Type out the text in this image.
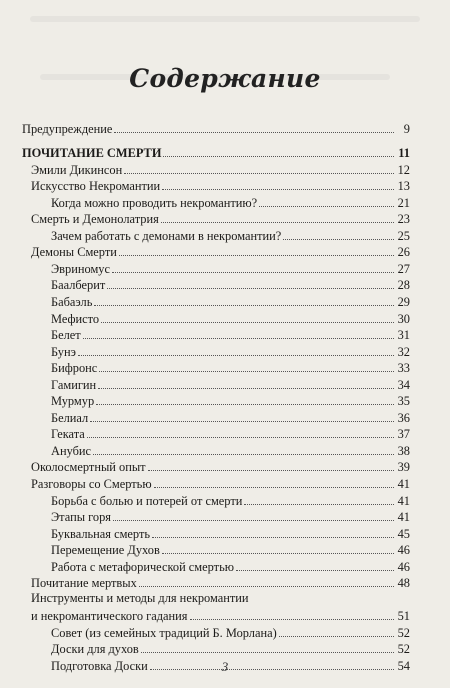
Содержание
Предупреждение	9
ПОЧИТАНИЕ СМЕРТИ	11
Эмили Дикинсон	12
Искусство Некромантии	13
Когда можно проводить некромантию?	21
Смерть и Демонолатрия	23
Зачем работать с демонами в некромантии?	25
Демоны Смерти	26
Эвриномус	27
Баалберит	28
Бабаэль	29
Мефисто	30
Белет	31
Бунэ	32
Бифронс	33
Гамигин	34
Мурмур	35
Белиал	36
Геката	37
Анубис	38
Околосмертный опыт	39
Разговоры со Смертью	41
Борьба с болью и потерей от смерти	41
Этапы горя	41
Буквальная смерть	45
Перемещение Духов	46
Работа с метафорической смертью	46
Почитание мертвых	48
Инструменты и методы для некромантии
и некромантического гадания	51
Совет (из семейных традиций Б. Морлана)	52
Доски для духов	52
Подготовка Доски	54
3
